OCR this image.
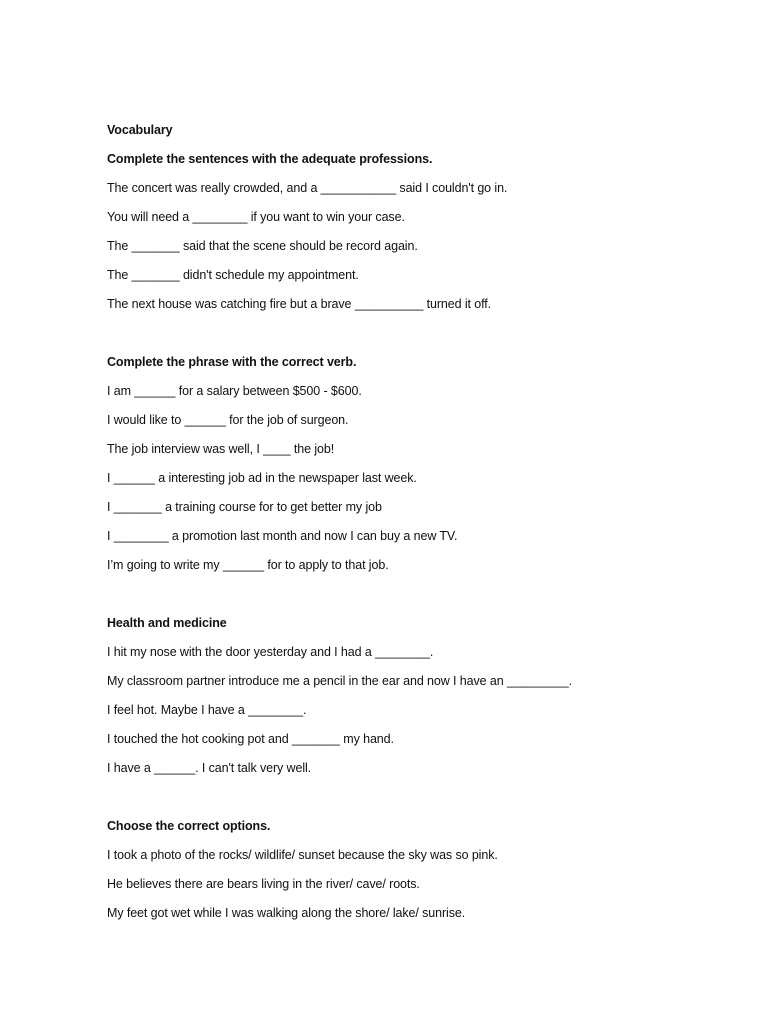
Vocabulary
Complete the sentences with the adequate professions.
The concert was really crowded, and a ___________ said I couldn't go in.
You will need a ________ if you want to win your case.
The _______ said that the scene should be record again.
The _______ didn't schedule my appointment.
The next house was catching fire but a brave __________ turned it off.
Complete the phrase with the correct verb.
I am ______ for a salary between $500 - $600.
I would like to ______ for the job of surgeon.
The job interview was well, I ____ the job!
I ______ a interesting job ad in the newspaper last week.
I _______ a training course for to get better my job
I ________ a promotion last month and now I can buy a new TV.
I’m going to write my ______ for to apply to that job.
Health and medicine
I hit my nose with the door yesterday and I had a ________.
My classroom partner introduce me a pencil in the ear and now I have an _________.
I feel hot. Maybe I have a ________.
I touched the hot cooking pot and _______ my hand.
I have a ______. I can't talk very well.
Choose the correct options.
I took a photo of the rocks/ wildlife/ sunset because the sky was so pink.
He believes there are bears living in the river/ cave/ roots.
My feet got wet while I was walking along the shore/ lake/ sunrise.
